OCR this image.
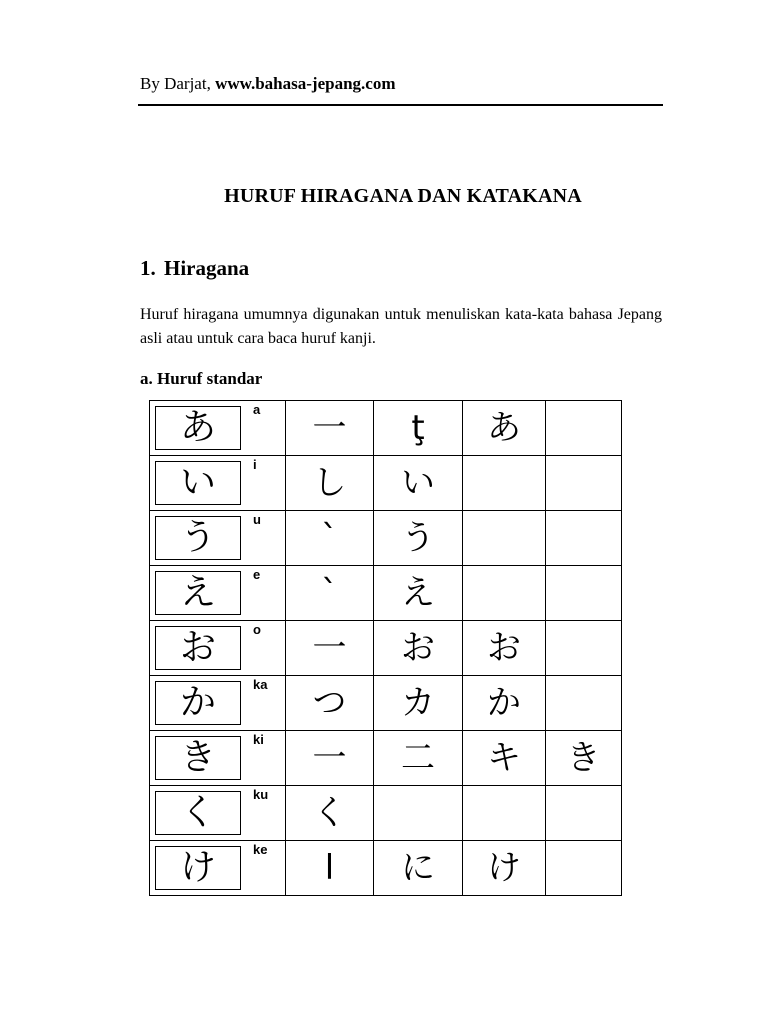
By Darjat, www.bahasa-jepang.com
HURUF HIRAGANA DAN KATAKANA
1. Hiragana
Huruf hiragana umumnya digunakan untuk menuliskan kata-kata bahasa Jepang asli atau untuk cara baca huruf kanji.
a. Huruf standar
あ a	一	ţ	あ	

い i	し	い		

う u	ˋ	う		

え e	ˋ	え		

お o	一	お	お	

か ka	つ	カ	か	

き ki	一	二	キ	き

く ku	く			

け ke	l	に	け	
